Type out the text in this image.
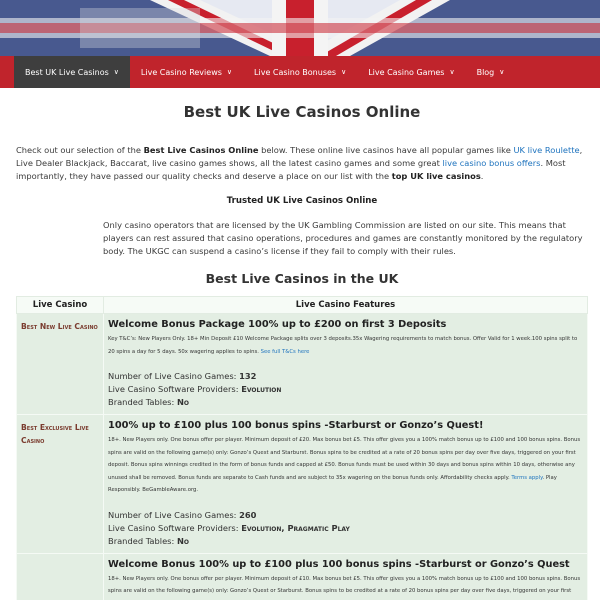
Best UK Live Casinos ∨	Live Casino Reviews ∨	Live Casino Bonuses ∨	Live Casino Games ∨	Blog ∨
Best UK Live Casinos Online

Check out our selection of the Best Live Casinos Online below. These online live casinos have all popular games like UK live Roulette, Live Dealer Blackjack, Baccarat, live casino games shows, all the latest casino games and some great live casino bonus offers. Most importantly, they have passed our quality checks and deserve a place on our list with the top UK live casinos.

Trusted UK Live Casinos Online

Only casino operators that are licensed by the UK Gambling Commission are listed on our site. This means that players can rest assured that casino operations, procedures and games are constantly monitored by the regulatory body. The UKGC can suspend a casino’s license if they fail to comply with their rules.

Best Live Casinos in the UK
Live Casino	Live Casino Features
Best New Live Casino	Welcome Bonus Package 100% up to £200 on first 3 Deposits
Key T&C’s: New Players Only. 18+ Min Deposit £10 Welcome Package splits over 3 deposits.35x Wagering requirements to match bonus. Offer Valid for 1 week.100 spins split to 20 spins a day for 5 days. 50x wagering applies to spins. See full T&Cs here
Number of Live Casino Games: 132
Live Casino Software Providers: Evolution
Branded Tables: No

Best Exclusive Live Casino	100% up to £100 plus 100 bonus spins -Starburst or Gonzo’s Quest!
18+. New Players only. One bonus offer per player. Minimum deposit of £20. Max bonus bet £5. This offer gives you a 100% match bonus up to £100 and 100 bonus spins. Bonus spins are valid on the following game(s) only: Gonzo’s Quest and Starburst. Bonus spins to be credited at a rate of 20 bonus spins per day over five days, triggered on your first deposit. Bonus spins winnings credited in the form of bonus funds and capped at £50. Bonus funds must be used within 30 days and bonus spins within 10 days, otherwise any unused shall be removed. Bonus funds are separate to Cash funds and are subject to 35x wagering on the bonus funds only. Affordability checks apply. Terms apply. Play Responsibly. BeGambleAware.org.
Number of Live Casino Games: 260
Live Casino Software Providers: Evolution, Pragmatic Play
Branded Tables: No

	Welcome Bonus 100% up to £100 plus 100 bonus spins -Starburst or Gonzo’s Quest
18+. New Players only. One bonus offer per player. Minimum deposit of £10. Max bonus bet £5. This offer gives you a 100% match bonus up to £100 and 100 bonus spins. Bonus spins are valid on the following game(s) only: Gonzo’s Quest or Starburst. Bonus spins to be credited at a rate of 20 bonus spins per day over five days, triggered on your first
